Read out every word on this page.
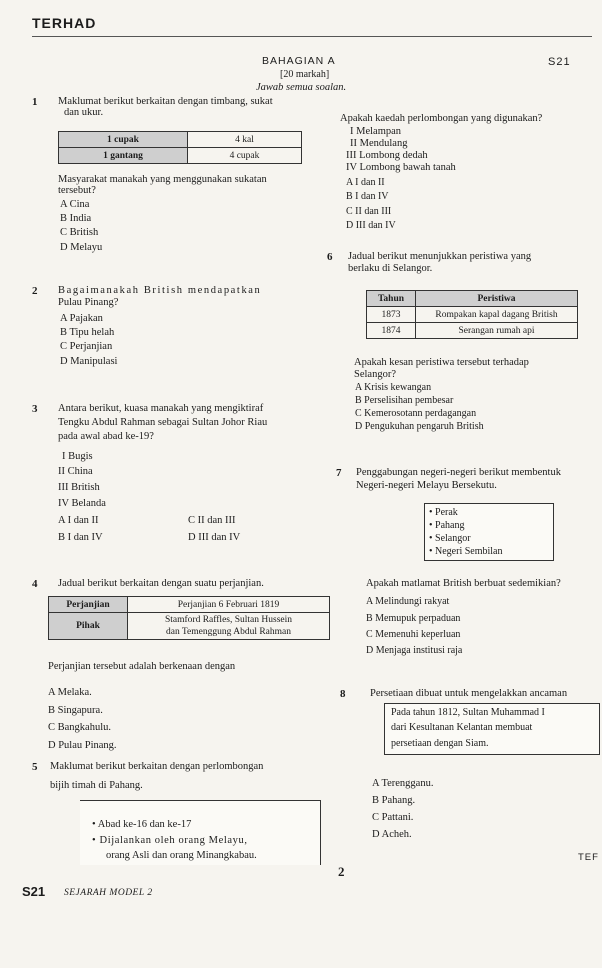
TERHAD
BAHAGIAN A	S21
[20 markah]
Jawab semua soalan.
1 Maklumat berikut berkaitan dengan timbang, sukat
dan ukur.
1 cupak	4 kal
1 gantang	4 cupak
Masyarakat manakah yang menggunakan sukatan
tersebut?
A Cina
B India
C British
D Melayu
Apakah kaedah perlombongan yang digunakan?
I Melampan
II Mendulang
III Lombong dedah
IV Lombong bawah tanah
A I dan II
B I dan IV
C II dan III
D III dan IV
6 Jadual berikut menunjukkan peristiwa yang
berlaku di Selangor.
Tahun	Peristiwa
1873	Rompakan kapal dagang British
1874	Serangan rumah api
Apakah kesan peristiwa tersebut terhadap
Selangor?
A Krisis kewangan
B Perselisihan pembesar
C Kemerosotann perdagangan
D Pengukuhan pengaruh British
2 Bagaimanakah British mendapatkan
Pulau Pinang?
A Pajakan
B Tipu helah
C Perjanjian
D Manipulasi
3 Antara berikut, kuasa manakah yang mengiktiraf
Tengku Abdul Rahman sebagai Sultan Johor Riau
pada awal abad ke-19?
I Bugis
II China
III British
IV Belanda
A I dan II	C II dan III
B I dan IV	D III dan IV
7 Penggabungan negeri-negeri berikut membentuk
Negeri-negeri Melayu Bersekutu.
• Perak
• Pahang
• Selangor
• Negeri Sembilan
Apakah matlamat British berbuat sedemikian?
A Melindungi rakyat
B Memupuk perpaduan
C Memenuhi keperluan
D Menjaga institusi raja
4 Jadual berikut berkaitan dengan suatu perjanjian.
Perjanjian	Perjanjian 6 Februari 1819
Pihak	Stamford Raffles, Sultan Hussein
dan Temenggung Abdul Rahman
Perjanjian tersebut adalah berkenaan dengan
A Melaka.
B Singapura.
C Bangkahulu.
D Pulau Pinang.
8 Persetiaan dibuat untuk mengelakkan ancaman
Pada tahun 1812, Sultan Muhammad I
dari Kesultanan Kelantan membuat
persetiaan dengan Siam.
A Terengganu.
B Pahang.
C Pattani.
D Acheh.
5 Maklumat berikut berkaitan dengan perlombongan
bijih timah di Pahang.
• Abad ke-16 dan ke-17
• Dijalankan oleh orang Melayu,
orang Asli dan orang Minangkabau.
2
TEF
S21 SEJARAH MODEL 2
